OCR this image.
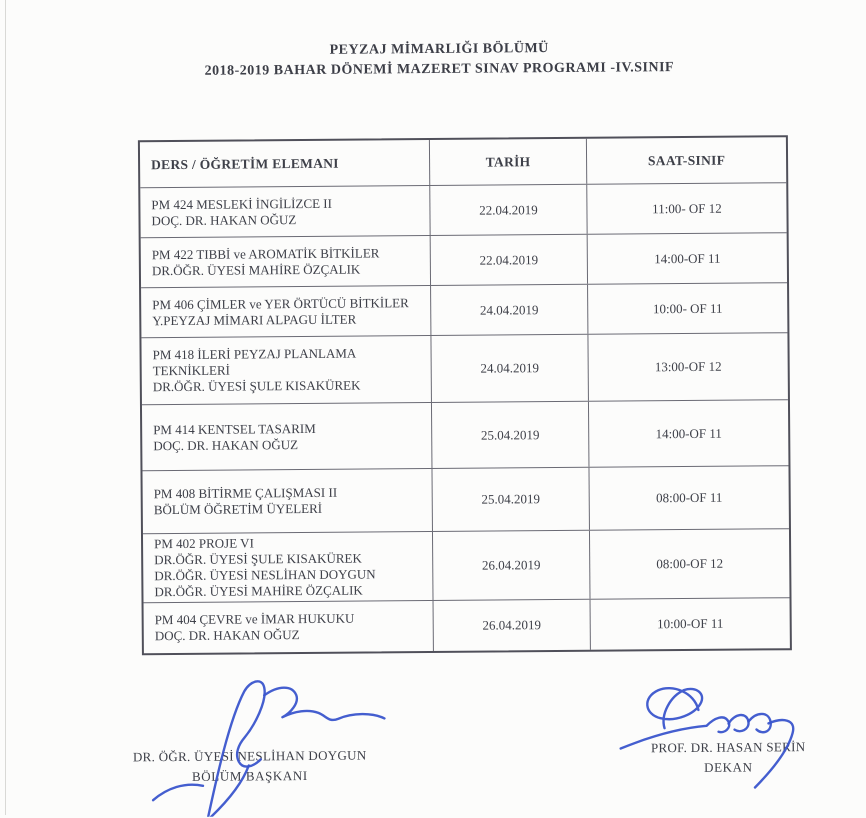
PEYZAJ MİMARLIĞI BÖLÜMÜ
2018-2019 BAHAR DÖNEMİ MAZERET SINAV PROGRAMI -IV.SINIF
DERS / ÖĞRETİM ELEMANI	TARİH	SAAT-SINIF
PM 424 MESLEKİ İNGİLİZCE II
DOÇ. DR. HAKAN OĞUZ
22.04.2019	11:00- OF 12
PM 422 TIBBİ ve AROMATİK BİTKİLER
DR.ÖĞR. ÜYESİ MAHİRE ÖZÇALIK
22.04.2019	14:00-OF 11
PM 406 ÇİMLER ve YER ÖRTÜCÜ BİTKİLER
Y.PEYZAJ MİMARI ALPAGU İLTER
24.04.2019	10:00- OF 11
PM 418 İLERİ PEYZAJ PLANLAMA
TEKNİKLERİ
DR.ÖĞR. ÜYESİ ŞULE KISAKÜREK
24.04.2019	13:00-OF 12
PM 414 KENTSEL TASARIM
DOÇ. DR. HAKAN OĞUZ
25.04.2019	14:00-OF 11
PM 408 BİTİRME ÇALIŞMASI II
BÖLÜM ÖĞRETİM ÜYELERİ
25.04.2019	08:00-OF 11
PM 402 PROJE VI
DR.ÖĞR. ÜYESİ ŞULE KISAKÜREK
DR.ÖĞR. ÜYESİ NESLİHAN DOYGUN
DR.ÖĞR. ÜYESİ MAHİRE ÖZÇALIK
26.04.2019	08:00-OF 12
PM 404 ÇEVRE ve İMAR HUKUKU
DOÇ. DR. HAKAN OĞUZ
26.04.2019	10:00-OF 11
DR. ÖĞR. ÜYESİ NESLİHAN DOYGUN
BÖLÜM BAŞKANI
PROF. DR. HASAN SERİN
DEKAN
